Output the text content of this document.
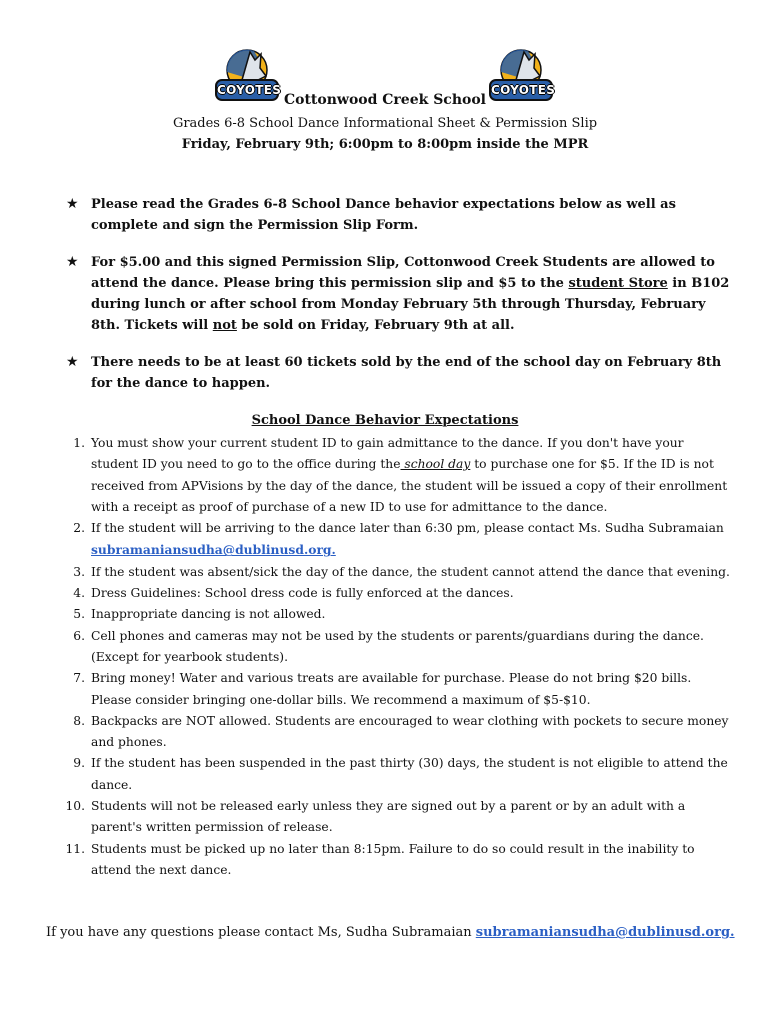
COYOTES	COYOTES
Cottonwood Creek School
Grades 6-8 School Dance Informational Sheet & Permission Slip
Friday, February 9th; 6:00pm to 8:00pm inside the MPR
★ Please read the Grades 6-8 School Dance behavior expectations below as well as complete and sign the Permission Slip Form.
★ For $5.00 and this signed Permission Slip, Cottonwood Creek Students are allowed to attend the dance. Please bring this permission slip and $5 to the student Store in B102 during lunch or after school from Monday February 5th through Thursday, February 8th. Tickets will not be sold on Friday, February 9th at all.
★ There needs to be at least 60 tickets sold by the end of the school day on February 8th for the dance to happen.
School Dance Behavior Expectations
1. You must show your current student ID to gain admittance to the dance. If you don't have your student ID you need to go to the office during the school day to purchase one for $5. If the ID is not received from APVisions by the day of the dance, the student will be issued a copy of their enrollment with a receipt as proof of purchase of a new ID to use for admittance to the dance.
2. If the student will be arriving to the dance later than 6:30 pm, please contact Ms. Sudha Subramaian subramaniansudha@dublinusd.org.
3. If the student was absent/sick the day of the dance, the student cannot attend the dance that evening.
4. Dress Guidelines: School dress code is fully enforced at the dances.
5. Inappropriate dancing is not allowed.
6. Cell phones and cameras may not be used by the students or parents/guardians during the dance. (Except for yearbook students).
7. Bring money! Water and various treats are available for purchase. Please do not bring $20 bills. Please consider bringing one-dollar bills. We recommend a maximum of $5-$10.
8. Backpacks are NOT allowed. Students are encouraged to wear clothing with pockets to secure money and phones.
9. If the student has been suspended in the past thirty (30) days, the student is not eligible to attend the dance.
10. Students will not be released early unless they are signed out by a parent or by an adult with a parent's written permission of release.
11. Students must be picked up no later than 8:15pm. Failure to do so could result in the inability to attend the next dance.
If you have any questions please contact Ms, Sudha Subramaian subramaniansudha@dublinusd.org.
